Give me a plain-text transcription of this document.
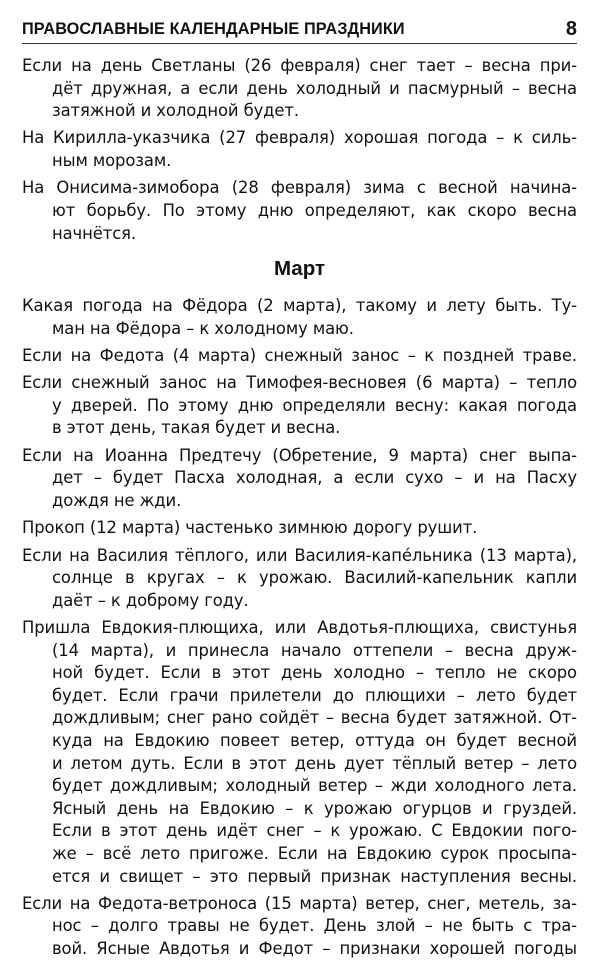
ПРАВОСЛАВНЫЕ КАЛЕНДАРНЫЕ ПРАЗДНИКИ	8

Если на день Светланы (26 февраля) снег тает – весна при-
дёт дружная, а если день холодный и пасмурный – весна
затяжной и холодной будет.

На Кирилла-указчика (27 февраля) хорошая погода – к силь-
ным морозам.

На Онисима-зимобора (28 февраля) зима с весной начина-
ют борьбу. По этому дню определяют, как скоро весна
начнётся.

Март

Какая погода на Фёдора (2 марта), такому и лету быть. Ту-
ман на Фёдора – к холодному маю.

Если на Федота (4 марта) снежный занос – к поздней траве.

Если снежный занос на Тимофея-весновея (6 марта) – тепло
у дверей. По этому дню определяли весну: какая погода
в этот день, такая будет и весна.

Если на Иоанна Предтечу (Обретение, 9 марта) снег выпа-
дет – будет Пасха холодная, а если сухо – и на Пасху
дождя не жди.

Прокоп (12 марта) частенько зимнюю дорогу рушит.

Если на Василия тёплого, или Василия-капе́льника (13 марта),
солнце в кругах – к урожаю. Василий-капельник капли
даёт – к доброму году.

Пришла Евдокия-плющиха, или Авдотья-плющиха, свистунья
(14 марта), и принесла начало оттепели – весна друж-
ной будет. Если в этот день холодно – тепло не скоро
будет. Если грачи прилетели до плющихи – лето будет
дождливым; снег рано сойдёт – весна будет затяжной. От-
куда на Евдокию повеет ветер, оттуда он будет весной
и летом дуть. Если в этот день дует тёплый ветер – лето
будет дождливым; холодный ветер – жди холодного лета.
Ясный день на Евдокию – к урожаю огурцов и груздей.
Если в этот день идёт снег – к урожаю. С Евдокии пого-
же – всё лето пригоже. Если на Евдокию сурок просыпа-
ется и свищет – это первый признак наступления весны.

Если на Федота-ветроноса (15 марта) ветер, снег, метель, за-
нос – долго травы не будет. День злой – не быть с тра-
вой. Ясные Авдотья и Федот – признаки хорошей погоды
